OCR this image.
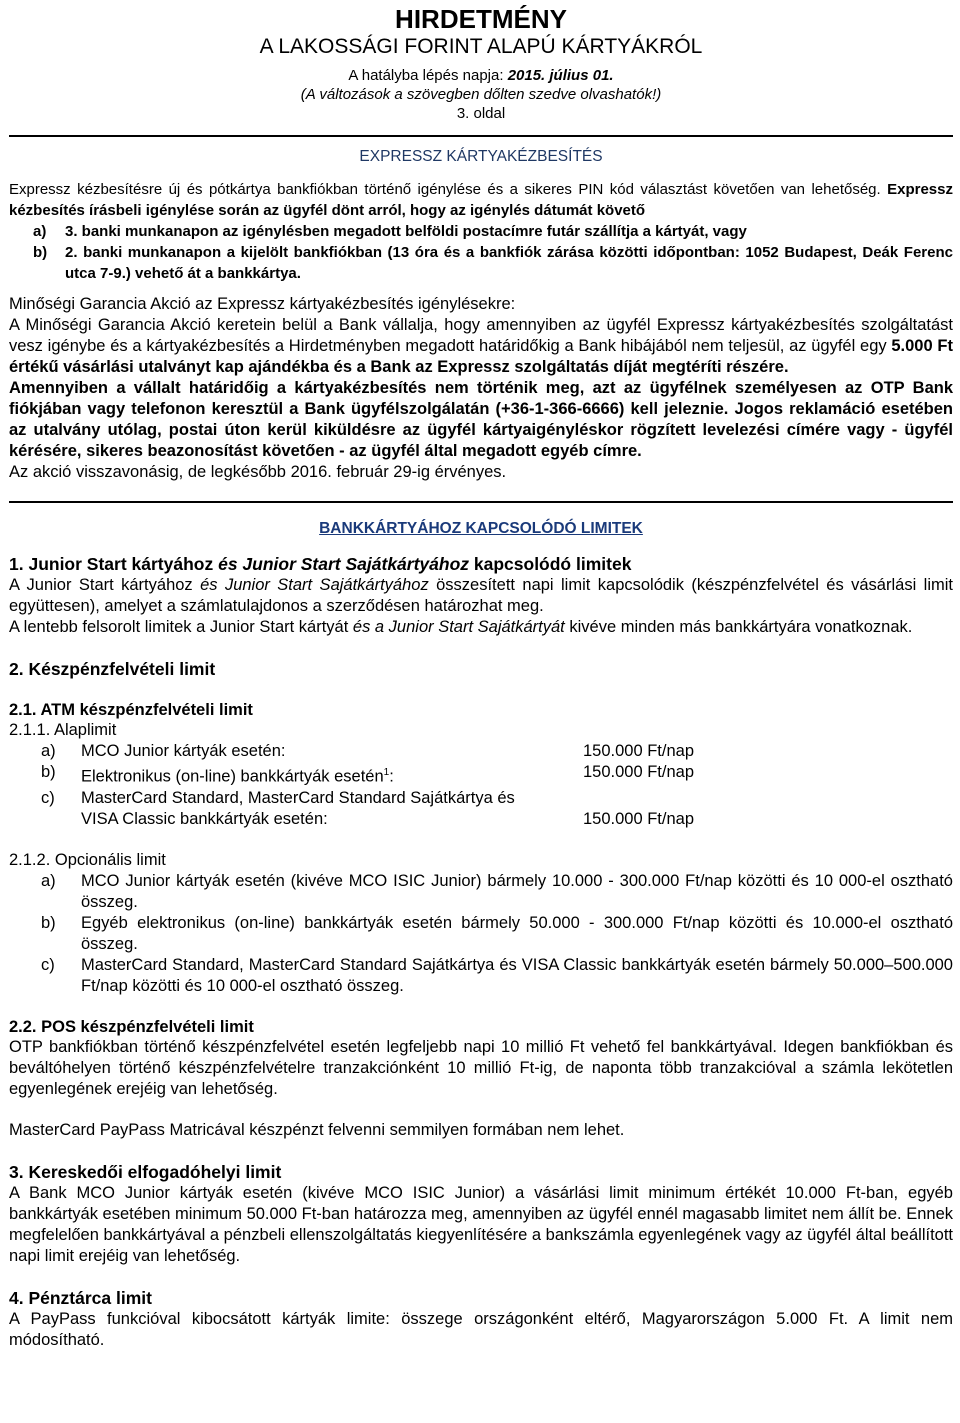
HIRDETMÉNY

A LAKOSSÁGI FORINT ALAPÚ KÁRTYÁKRÓL

A hatályba lépés napja: 2015. július 01.

(A változások a szövegben dőlten szedve olvashatók!)

3. oldal

EXPRESSZ KÁRTYAKÉZBESÍTÉS

Expressz kézbesítésre új és pótkártya bankfiókban történő igénylése és a sikeres PIN kód választást követően van lehetőség. Expressz kézbesítés írásbeli igénylése során az ügyfél dönt arról, hogy az igénylés dátumát követő

a)	3. banki munkanapon az igénylésben megadott belföldi postacímre futár szállítja a kártyát, vagy
b)	2. banki munkanapon a kijelölt bankfiókban (13 óra és a bankfiók zárása közötti időpontban: 1052 Budapest, Deák Ferenc utca 7-9.) vehető át a bankkártya.

Minőségi Garancia Akció az Expressz kártyakézbesítés igénylésekre:

A Minőségi Garancia Akció keretein belül a Bank vállalja, hogy amennyiben az ügyfél Expressz kártyakézbesítés szolgáltatást vesz igénybe és a kártyakézbesítés a Hirdetményben megadott határidőkig a Bank hibájából nem teljesül, az ügyfél egy 5.000 Ft értékű vásárlási utalványt kap ajándékba és a Bank az Expressz szolgáltatás díját megtéríti részére.

Amennyiben a vállalt határidőig a kártyakézbesítés nem történik meg, azt az ügyfélnek személyesen az OTP Bank fiókjában vagy telefonon keresztül a Bank ügyfélszolgálatán (+36-1-366-6666) kell jeleznie. Jogos reklamáció esetében az utalvány utólag, postai úton kerül kiküldésre az ügyfél kártyaigényléskor rögzített levelezési címére vagy - ügyfél kérésére, sikeres beazonosítást követően - az ügyfél által megadott egyéb címre.

Az akció visszavonásig, de legkésőbb 2016. február 29-ig érvényes.

BANKKÁRTYÁHOZ KAPCSOLÓDÓ LIMITEK

1. Junior Start kártyához és Junior Start Sajátkártyához kapcsolódó limitek

A Junior Start kártyához és Junior Start Sajátkártyához összesített napi limit kapcsolódik (készpénzfelvétel és vásárlási limit együttesen), amelyet a számlatulajdonos a szerződésen határozhat meg.

A lentebb felsorolt limitek a Junior Start kártyát és a Junior Start Sajátkártyát kivéve minden más bankkártyára vonatkoznak.

2. Készpénzfelvételi limit

2.1. ATM készpénzfelvételi limit

2.1.1. Alaplimit

a)	MCO Junior kártyák esetén:	150.000 Ft/nap
b)	Elektronikus (on-line) bankkártyák esetén$^1$:	150.000 Ft/nap
c)	MasterCard Standard, MasterCard Standard Sajátkártya és
VISA Classic bankkártyák esetén:	150.000 Ft/nap

2.1.2. Opcionális limit

a)	MCO Junior kártyák esetén (kivéve MCO ISIC Junior) bármely 10.000 - 300.000 Ft/nap közötti és 10 000-el osztható összeg.
b)	Egyéb elektronikus (on-line) bankkártyák esetén bármely 50.000 - 300.000 Ft/nap közötti és 10.000-el osztható összeg.
c)	MasterCard Standard, MasterCard Standard Sajátkártya és VISA Classic bankkártyák esetén bármely 50.000–500.000 Ft/nap közötti és 10 000-el osztható összeg.

2.2. POS készpénzfelvételi limit

OTP bankfiókban történő készpénzfelvétel esetén legfeljebb napi 10 millió Ft vehető fel bankkártyával. Idegen bankfiókban és beváltóhelyen történő készpénzfelvételre tranzakciónként 10 millió Ft-ig, de naponta több tranzakcióval a számla lekötetlen egyenlegének erejéig van lehetőség.

MasterCard PayPass Matricával készpénzt felvenni semmilyen formában nem lehet.

3. Kereskedői elfogadóhelyi limit

A Bank MCO Junior kártyák esetén (kivéve MCO ISIC Junior) a vásárlási limit minimum értékét 10.000 Ft-ban, egyéb bankkártyák esetében minimum 50.000 Ft-ban határozza meg, amennyiben az ügyfél ennél magasabb limitet nem állít be. Ennek megfelelően bankkártyával a pénzbeli ellenszolgáltatás kiegyenlítésére a bankszámla egyenlegének vagy az ügyfél által beállított napi limit erejéig van lehetőség.

4. Pénztárca limit

A PayPass funkcióval kibocsátott kártyák limite: összege országonként eltérő, Magyarországon 5.000 Ft. A limit nem módosítható.
